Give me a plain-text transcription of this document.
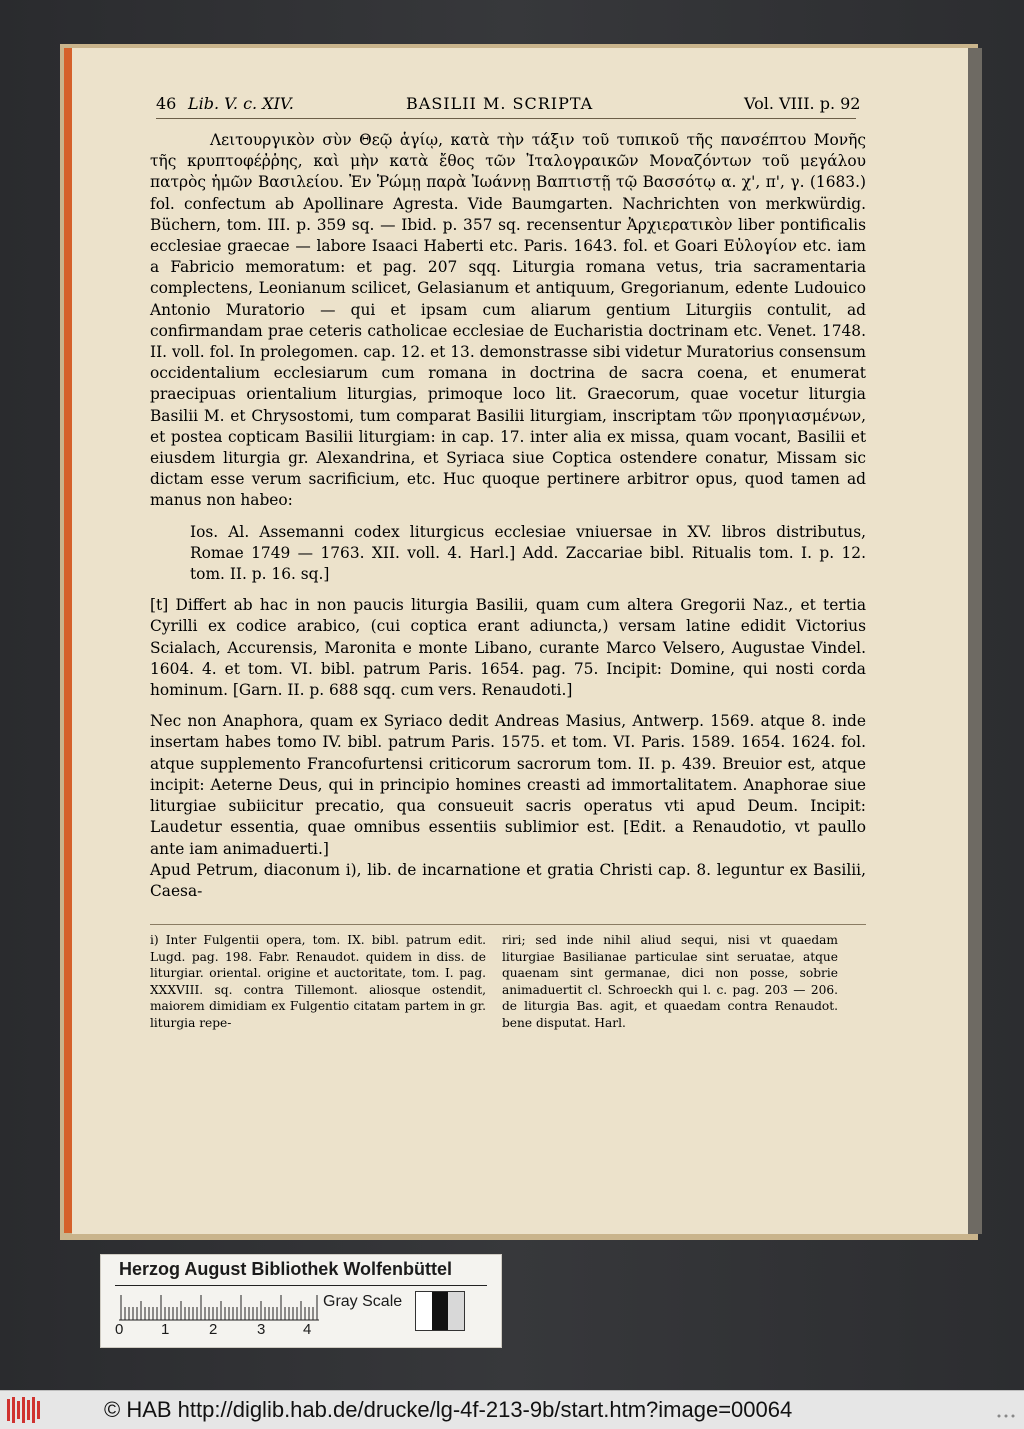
46 Lib. V. c. XIV.	BASILII M. SCRIPTA	Vol. VIII. p. 92

Λειτουργικὸν σὺν Θεῷ ἁγίῳ, κατὰ τὴν τάξιν τοῦ τυπικοῦ τῆς πανσέπτου Μονῆς τῆς κρυπτοφέῤῥης, καὶ μὴν κατὰ ἔθος τῶν Ἰταλογραικῶν Μοναζόντων τοῦ μεγάλου πατρὸς ἡμῶν Βασιλείου. Ἐν Ῥώμῃ παρὰ Ἰωάννῃ Βαπτιστῇ τῷ Βασσότῳ α. χ', π', γ. (1683.) fol. confectum ab Apollinare Agresta. Vide Baumgarten. Nachrichten von merkwürdig. Büchern, tom. III. p. 359 sq. — Ibid. p. 357 sq. recensentur Ἀρχιερατικὸν liber pontificalis ecclesiae graecae — labore Isaaci Haberti etc. Paris. 1643. fol. et Goari Εὐλογίον etc. iam a Fabricio memoratum: et pag. 207 sqq. Liturgia romana vetus, tria sacramentaria complectens, Leonianum scilicet, Gelasianum et antiquum, Gregorianum, edente Ludouico Antonio Muratorio — qui et ipsam cum aliarum gentium Liturgiis contulit, ad confirmandam prae ceteris catholicae ecclesiae de Eucharistia doctrinam etc. Venet. 1748. II. voll. fol. In prolegomen. cap. 12. et 13. demonstrasse sibi videtur Muratorius consensum occidentalium ecclesiarum cum romana in doctrina de sacra coena, et enumerat praecipuas orientalium liturgias, primoque loco lit. Graecorum, quae vocetur liturgia Basilii M. et Chrysostomi, tum comparat Basilii liturgiam, inscriptam τῶν προηγιασμένων, et postea copticam Basilii liturgiam: in cap. 17. inter alia ex missa, quam vocant, Basilii et eiusdem liturgia gr. Alexandrina, et Syriaca siue Coptica ostendere conatur, Missam sic dictam esse verum sacrificium, etc. Huc quoque pertinere arbitror opus, quod tamen ad manus non habeo:

Ios. Al. Assemanni codex liturgicus ecclesiae vniuersae in XV. libros distributus, Romae 1749 — 1763. XII. voll. 4. Harl.] Add. Zaccariae bibl. Ritualis tom. I. p. 12. tom. II. p. 16. sq.]

[t] Differt ab hac in non paucis liturgia Basilii, quam cum altera Gregorii Naz., et tertia Cyrilli ex codice arabico, (cui coptica erant adiuncta,) versam latine edidit Victorius Scialach, Accurensis, Maronita e monte Libano, curante Marco Velsero, Augustae Vindel. 1604. 4. et tom. VI. bibl. patrum Paris. 1654. pag. 75. Incipit: Domine, qui nosti corda hominum. [Garn. II. p. 688 sqq. cum vers. Renaudoti.]

Nec non Anaphora, quam ex Syriaco dedit Andreas Masius, Antwerp. 1569. atque 8. inde insertam habes tomo IV. bibl. patrum Paris. 1575. et tom. VI. Paris. 1589. 1654. 1624. fol. atque supplemento Francofurtensi criticorum sacrorum tom. II. p. 439. Breuior est, atque incipit: Aeterne Deus, qui in principio homines creasti ad immortalitatem. Anaphorae siue liturgiae subiicitur precatio, qua consueuit sacris operatus vti apud Deum. Incipit: Laudetur essentia, quae omnibus essentiis sublimior est. [Edit. a Renaudotio, vt paullo ante iam animaduerti.]

Apud Petrum, diaconum i), lib. de incarnatione et gratia Christi cap. 8. leguntur ex Basilii, Caesa-

i) Inter Fulgentii opera, tom. IX. bibl. patrum edit. Lugd. pag. 198. Fabr. Renaudot. quidem in diss. de liturgiar. oriental. origine et auctoritate, tom. I. pag. XXXVIII. sq. contra Tillemont. aliosque ostendit, maiorem dimidiam ex Fulgentio citatam partem in gr. liturgia repe-
riri; sed inde nihil aliud sequi, nisi vt quaedam liturgiae Basilianae particulae sint seruatae, atque quaenam sint germanae, dici non posse, sobrie animaduertit cl. Schroeckh qui l. c. pag. 203 — 206. de liturgia Bas. agit, et quaedam contra Renaudot. bene disputat. Harl.
Herzog August Bibliothek Wolfenbüttel
0	1	2	3	4
Gray Scale
© HAB http://diglib.hab.de/drucke/lg-4f-213-9b/start.htm?image=00064
